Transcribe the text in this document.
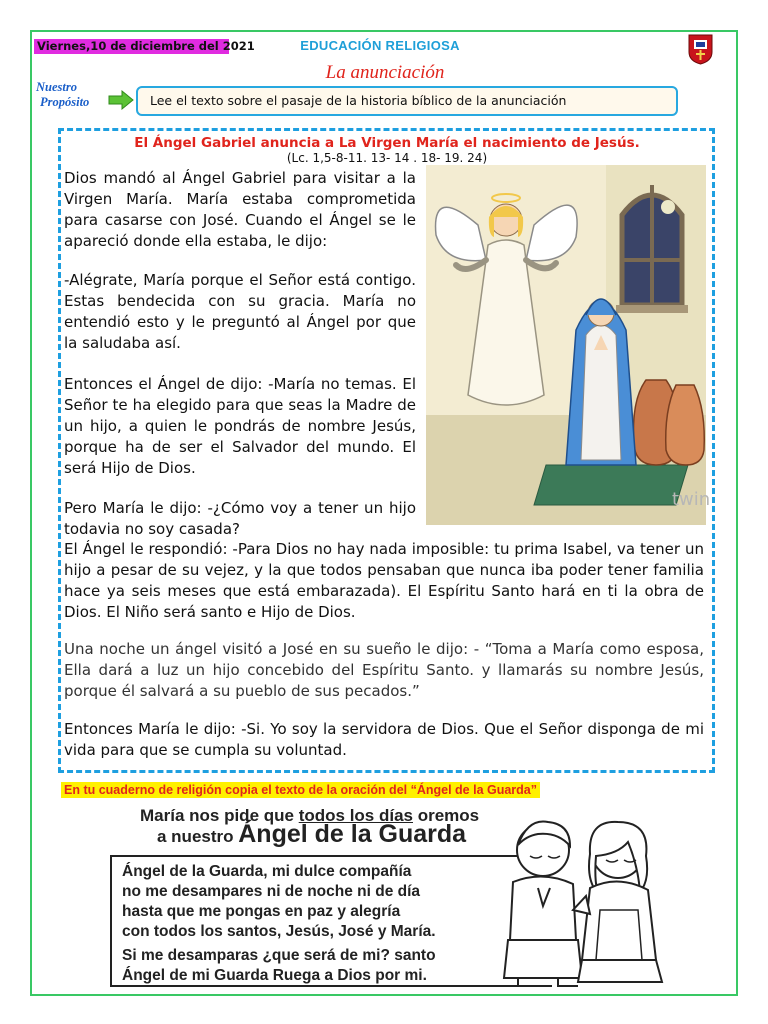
Viernes,10 de diciembre del 2021	EDUCACIÓN RELIGIOSA
La anunciación
Nuestro
Propósito	Lee el texto sobre el pasaje de la historia bíblico de la anunciación
El Ángel Gabriel anuncia a La Virgen María el nacimiento de Jesús.
(Lc. 1,5-8-11. 13- 14 . 18- 19. 24)

Dios mandó al Ángel Gabriel para visitar a la Virgen María. María estaba comprometida para casarse con José. Cuando el Ángel se le apareció donde ella estaba, le dijo:

-Alégrate, María porque el Señor está contigo. Estas bendecida con su gracia. María no entendió esto y le preguntó al Ángel por que la saludaba así.

Entonces el Ángel de dijo: -María no temas. El Señor te ha elegido para que seas la Madre de un hijo, a quien le pondrás de nombre Jesús, porque ha de ser el Salvador del mundo. El será Hijo de Dios.

Pero María le dijo: -¿Cómo voy a tener un hijo todavia no soy casada?

El Ángel le respondió: -Para Dios no hay nada imposible: tu prima Isabel, va tener un hijo a pesar de su vejez, y la que todos pensaban que nunca iba poder tener familia hace ya seis meses que está embarazada). El Espíritu Santo hará en ti la obra de Dios. El Niño será santo e Hijo de Dios.

Una noche un ángel visitó a José en su sueño le dijo: - “Toma a María como esposa, Ella dará a luz un hijo concebido del Espíritu Santo. y llamarás su nombre Jesús, porque él salvará a su pueblo de sus pecados.”

Entonces María le dijo: -Si. Yo soy la servidora de Dios. Que el Señor disponga de mi vida para que se cumpla su voluntad.

twin
En tu cuaderno de religión copia el texto de la oración del “Ángel de la Guarda”
María nos pide que todos los días oremos
a nuestro Ángel de la Guarda
Ángel de la Guarda, mi dulce compañía
no me desampares ni de noche ni de día
hasta que me pongas en paz y alegría
con todos los santos, Jesús, José y María.
Si me desamparas ¿que será de mi? santo
Ángel de mi Guarda Ruega a Dios por mi.
